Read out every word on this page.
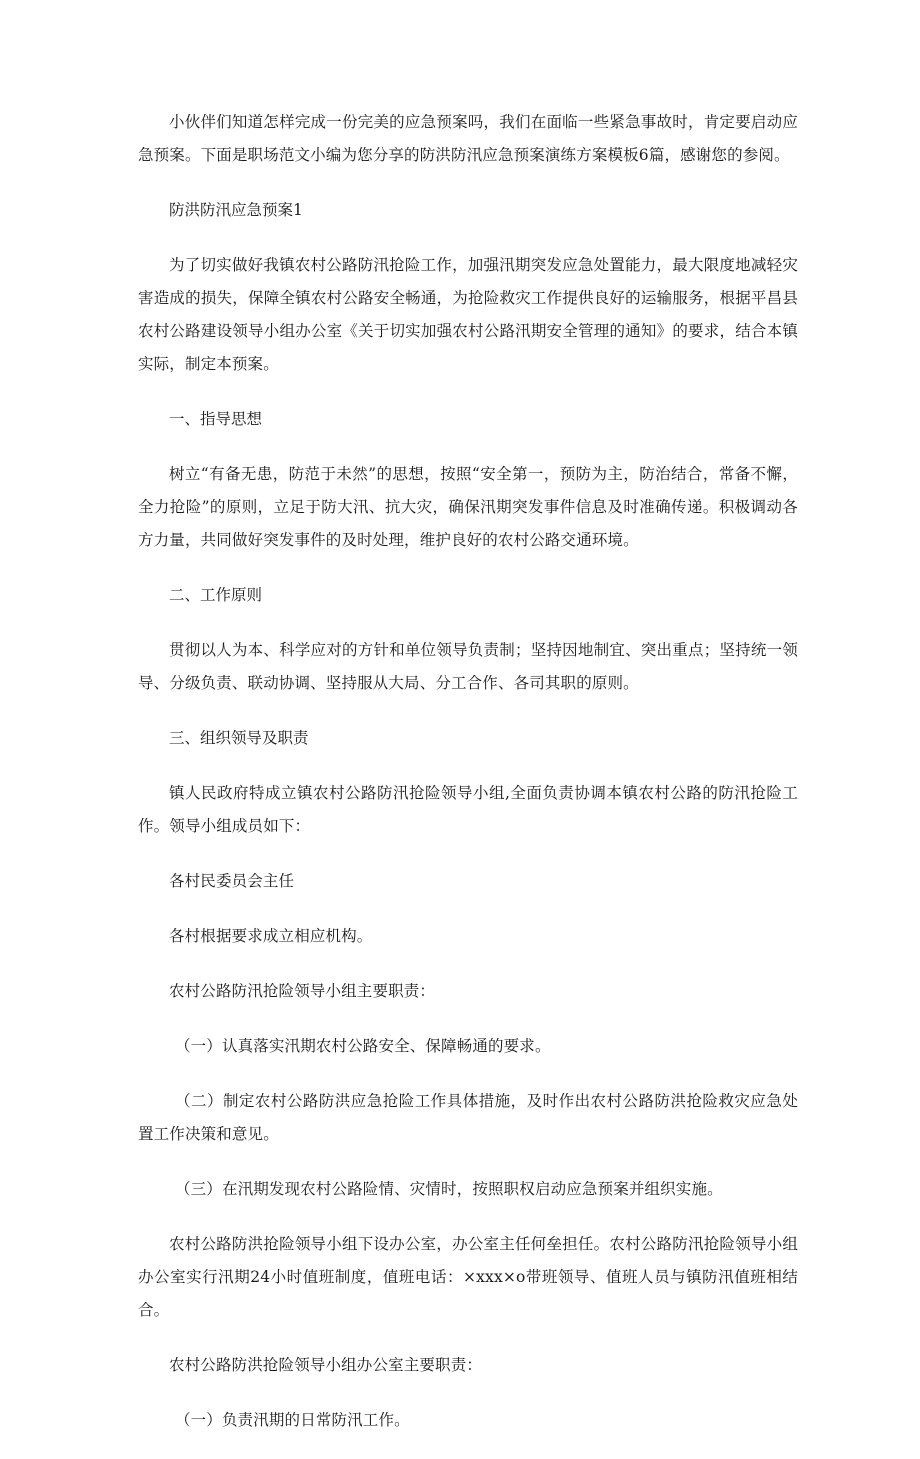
小伙伴们知道怎样完成一份完美的应急预案吗，我们在面临一些紧急事故时，肯定要启动应急预案。下面是职场范文小编为您分享的防洪防汛应急预案演练方案模板6篇，感谢您的参阅。

防洪防汛应急预案1

为了切实做好我镇农村公路防汛抢险工作，加强汛期突发应急处置能力，最大限度地减轻灾害造成的损失，保障全镇农村公路安全畅通，为抢险救灾工作提供良好的运输服务，根据平昌县农村公路建设领导小组办公室《关于切实加强农村公路汛期安全管理的通知》的要求，结合本镇实际，制定本预案。

一、指导思想

树立“有备无患，防范于未然”的思想，按照“安全第一，预防为主，防治结合，常备不懈，全力抢险”的原则，立足于防大汛、抗大灾，确保汛期突发事件信息及时准确传递。积极调动各方力量，共同做好突发事件的及时处理，维护良好的农村公路交通环境。

二、工作原则

贯彻以人为本、科学应对的方针和单位领导负责制；坚持因地制宜、突出重点；坚持统一领导、分级负责、联动协调、坚持服从大局、分工合作、各司其职的原则。

三、组织领导及职责

镇人民政府特成立镇农村公路防汛抢险领导小组,全面负责协调本镇农村公路的防汛抢险工作。领导小组成员如下：

各村民委员会主任

各村根据要求成立相应机构。

农村公路防汛抢险领导小组主要职责：

（一）认真落实汛期农村公路安全、保障畅通的要求。

（二）制定农村公路防洪应急抢险工作具体措施，及时作出农村公路防洪抢险救灾应急处置工作决策和意见。

（三）在汛期发现农村公路险情、灾情时，按照职权启动应急预案并组织实施。

农村公路防洪抢险领导小组下设办公室，办公室主任何垒担任。农村公路防汛抢险领导小组办公室实行汛期24小时值班制度，值班电话：×xxx×o带班领导、值班人员与镇防汛值班相结合。

农村公路防洪抢险领导小组办公室主要职责：

（一）负责汛期的日常防汛工作。
